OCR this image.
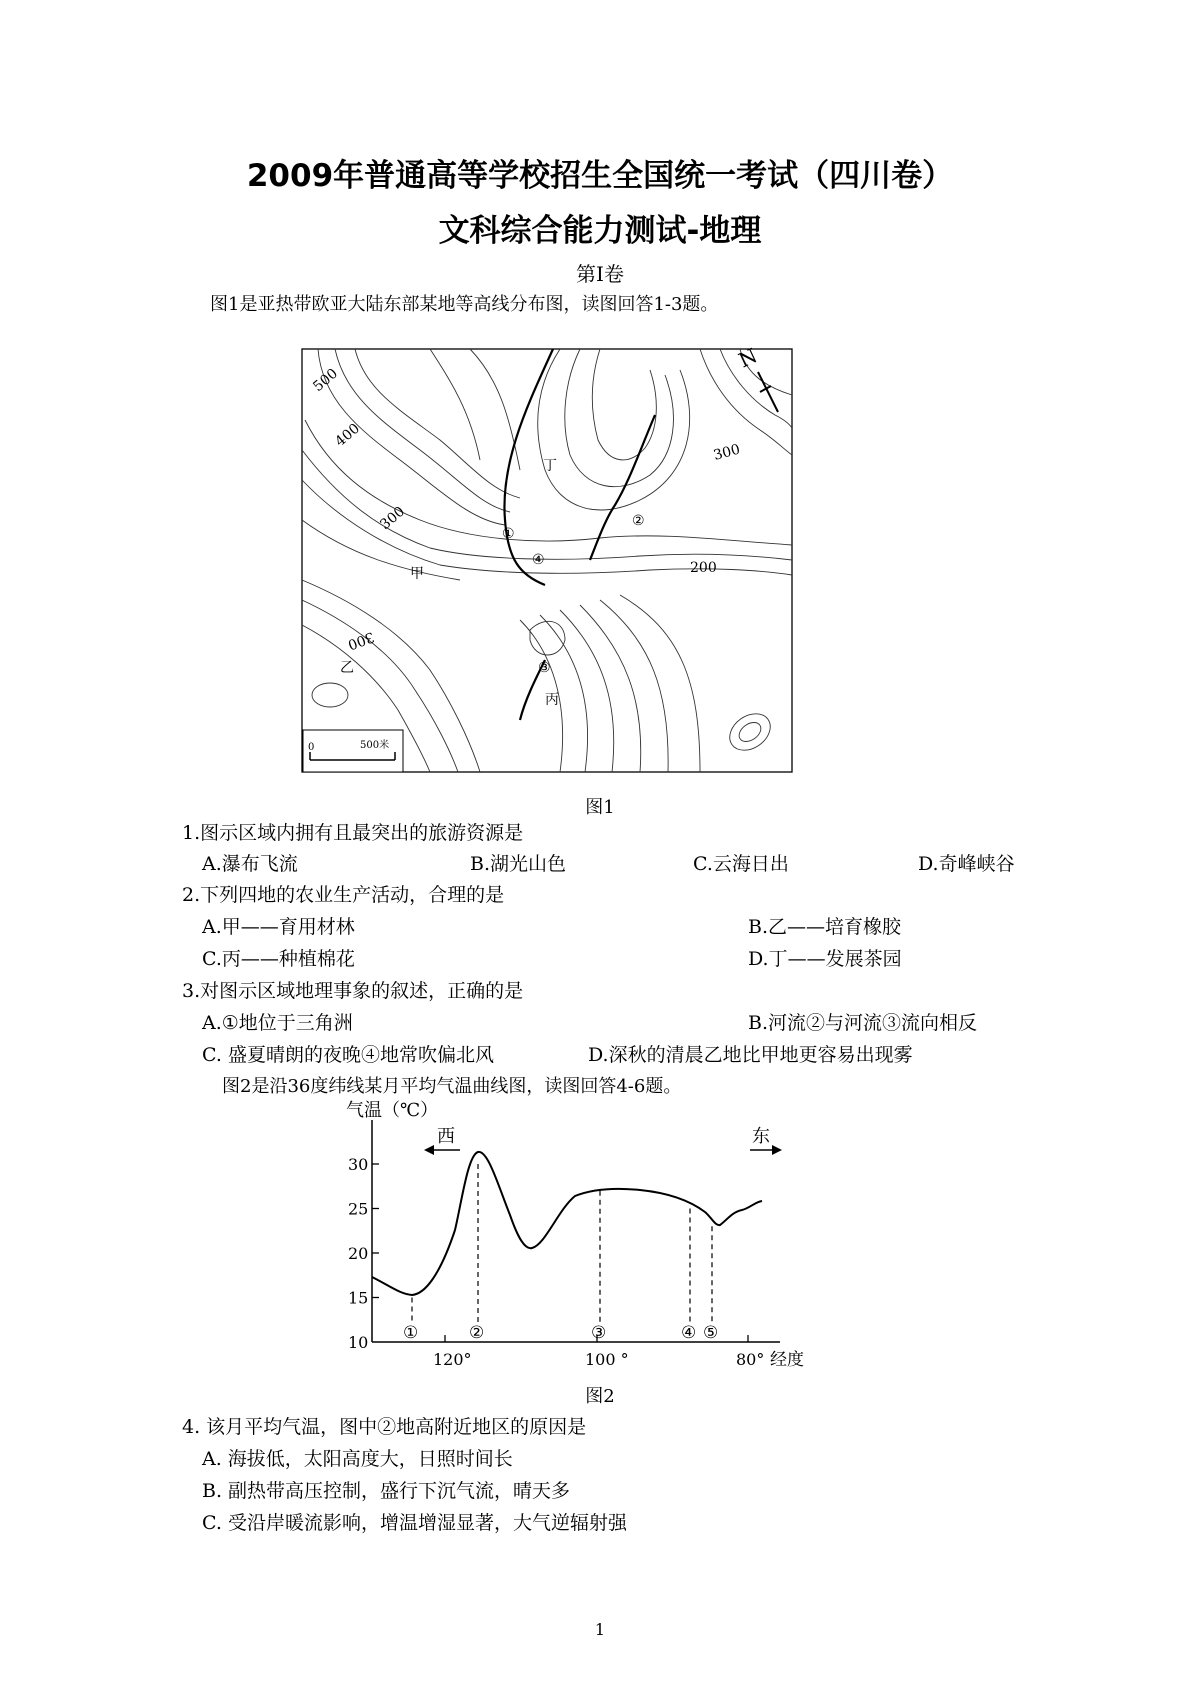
2009年普通高等学校招生全国统一考试（四川卷）
文科综合能力测试-地理
第Ⅰ卷
图1是亚热带欧亚大陆东部某地等高线分布图，读图回答1-3题。
500
400
300
200
300
300
丁
甲
乙
丙
①
②
③
④
N
0	500米
图1
1.图示区域内拥有且最突出的旅游资源是
A.瀑布飞流	B.湖光山色	C.云海日出	D.奇峰峡谷
2.下列四地的农业生产活动，合理的是
A.甲——育用材林	B.乙——培育橡胶
C.丙——种植棉花	D.丁——发展茶园
3.对图示区域地理事象的叙述，正确的是
A.①地位于三角洲	B.河流②与河流③流向相反
C. 盛夏晴朗的夜晚④地常吹偏北风	D.深秋的清晨乙地比甲地更容易出现雾
图2是沿36度纬线某月平均气温曲线图，读图回答4-6题。
气温（℃）
10
15
20
25
30
120°	100 °	80° 经度
西	东
①	②	③	④ ⑤
图2
4. 该月平均气温，图中②地高附近地区的原因是
A. 海拔低，太阳高度大，日照时间长
B. 副热带高压控制，盛行下沉气流，晴天多
C. 受沿岸暖流影响，增温增湿显著，大气逆辐射强
1
